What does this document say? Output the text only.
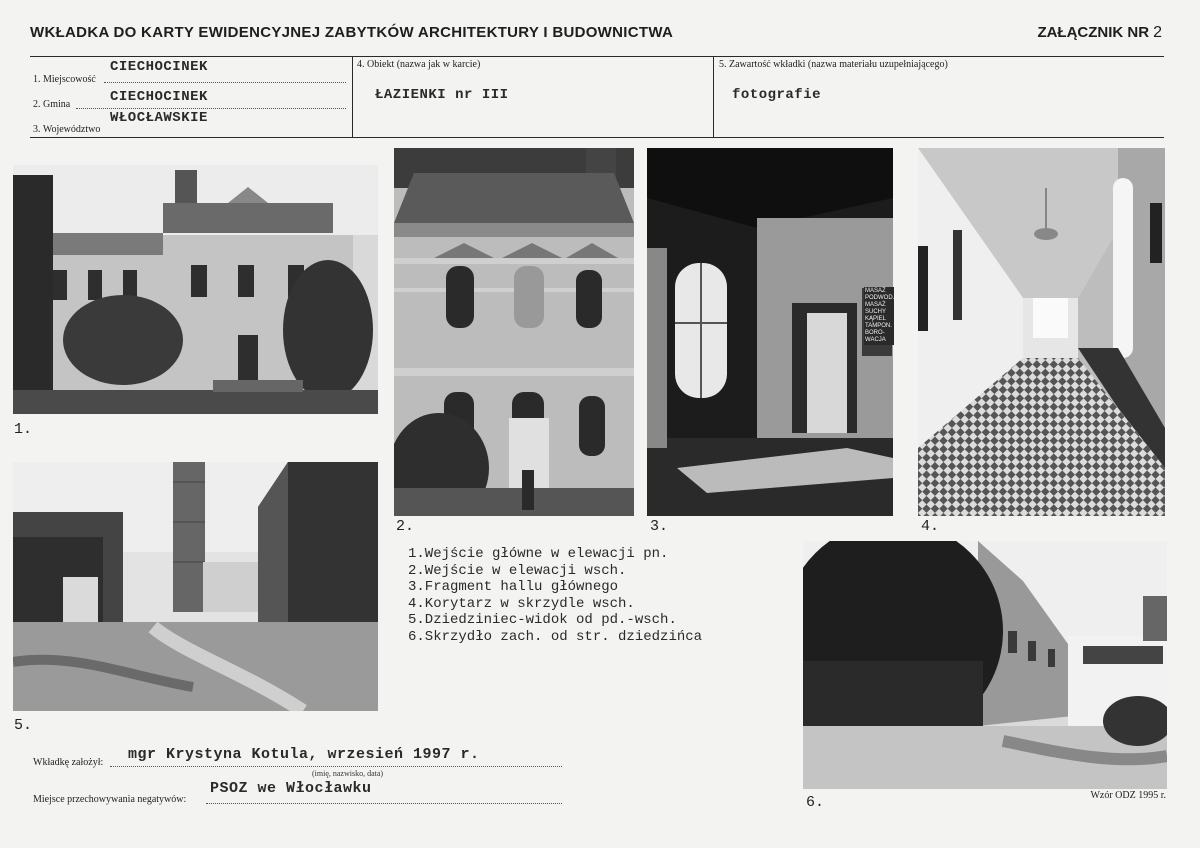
WKŁADKA DO KARTY EWIDENCYJNEJ ZABYTKÓW ARCHITEKTURY I BUDOWNICTWA	ZAŁĄCZNIK NR 2
1. Miejscowość
CIECHOCINEK
2. Gmina	CIECHOCINEK
3. Województwo
WŁOCŁAWSKIE
4. Obiekt (nazwa jak w karcie)
ŁAZIENKI nr III
5. Zawartość wkładki (nazwa materiału uzupełniającego)
fotografie
MASAŻ
PODWOD.
MASAŻ
SUCHY
KĄPIEL
TAMPON.
BORO-
WACJA
1.
2.	3.	4.
5.
6.
1.Wejście główne w elewacji pn.
2.Wejście w elewacji wsch.
3.Fragment hallu głównego
4.Korytarz w skrzydle wsch.
5.Dziedziniec-widok od pd.-wsch.
6.Skrzydło zach. od str. dziedzińca
Wkładkę założył: mgr Krystyna Kotula, wrzesień 1997 r.
(imię, nazwisko, data)
Miejsce przechowywania negatywów:
PSOZ we Włocławku	Wzór ODZ 1995 r.
